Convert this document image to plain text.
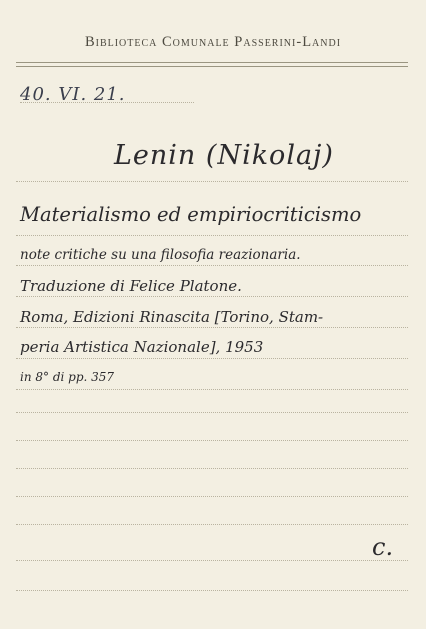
Biblioteca Comunale Passerini-Landi
40. VI. 21.
Lenin (Nikolaj)
Materialismo ed empiriocriticismo
note critiche su una filosofia reazionaria.
Traduzione di Felice Platone.
Roma, Edizioni Rinascita [Torino, Stam-
peria Artistica Nazionale], 1953
in 8° di pp. 357
c.
